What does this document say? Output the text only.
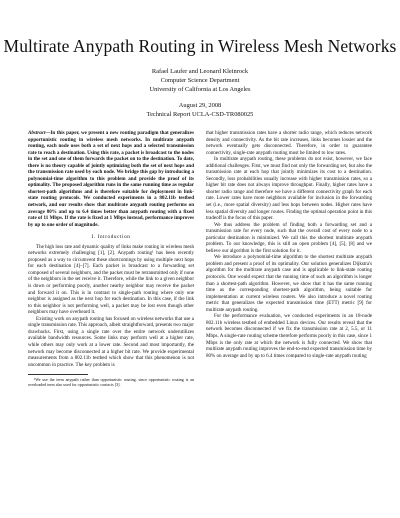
Multirate Anypath Routing in Wireless Mesh Networks
Rafael Laufer and Leonard Kleinrock
Computer Science Department
University of California at Los Angeles
August 29, 2008
Technical Report UCLA-CSD-TR080025

Abstract—In this paper, we present a new routing paradigm that generalizes opportunistic routing in wireless mesh networks. In multirate anypath routing, each node uses both a set of next hops and a selected transmission rate to reach a destination. Using this rate, a packet is broadcast to the nodes in the set and one of them forwards the packet on to the destination. To date, there is no theory capable of jointly optimizing both the set of next hops and the transmission rate used by each node. We bridge this gap by introducing a polynomial-time algorithm to this problem and provide the proof of its optimality. The proposed algorithm runs in the same running time as regular shortest-path algorithms and is therefore suitable for deployment in link-state routing protocols. We conducted experiments in a 802.11b testbed network, and our results show that multirate anypath routing performs on average 80% and up to 6.4 times better than anypath routing with a fixed rate of 11 Mbps. If the rate is fixed at 1 Mbps instead, performance improves by up to one order of magnitude.

I. Introduction

The high loss rate and dynamic quality of links make routing in wireless mesh networks extremely challenging [1], [2]. Anypath routing¹ has been recently proposed as a way to circumvent these shortcomings by using multiple next hops for each destination [4]–[7]. Each packet is broadcast to a forwarding set composed of several neighbors, and the packet must be retransmitted only if none of the neighbors in the set receive it. Therefore, while the link to a given neighbor is down or performing poorly, another nearby neighbor may receive the packet and forward it on. This is in contrast to single-path routing where only one neighbor is assigned as the next hop for each destination. In this case, if the link to this neighbor is not performing well, a packet may be lost even though other neighbors may have overheard it.

Existing work on anypath routing has focused on wireless networks that use a single transmission rate. This approach, albeit straightforward, presents two major drawbacks. First, using a single rate over the entire network underutilizes available bandwidth resources. Some links may perform well at a higher rate, while others may only work at a lower rate. Second and most importantly, the network may become disconnected at a higher bit rate. We provide experimental measurements from a 802.11b testbed which show that this phenomenon is not uncommon in practice. The key problem is

¹We use the term anypath rather than opportunistic routing, since opportunistic routing is an overloaded term also used for opportunistic contacts [3].

that higher transmission rates have a shorter radio range, which reduces network density and connectivity. As the bit rate increases, links becomes lossier and the network eventually gets disconnected. Therefore, in order to guarantee connectivity, single-rate anypath routing must be limited to low rates.

In multirate anypath routing, these problems do not exist, however, we face additional challenges. First, we must find not only the forwarding set, but also the transmission rate at each hop that jointly minimizes its cost to a destination. Secondly, loss probabilities usually increase with higher transmission rates, so a higher bit rate does not always improve throughput. Finally, higher rates have a shorter radio range and therefore we have a different connectivity graph for each rate. Lower rates have more neighbors available for inclusion in the forwarding set (i.e., more spatial diversity) and less hops between nodes. Higher rates have less spatial diversity and longer routes. Finding the optimal operation point in this tradeoff is the focus of this paper.

We thus address the problem of finding both a forwarding set and a transmission rate for every node, such that the overall cost of every node to a particular destination is minimized. We call this the shortest multirate anypath problem. To our knowledge, this is still an open problem [4], [5], [8] and we believe our algorithm is the first solution for it.

We introduce a polynomial-time algorithm to the shortest multirate anypath problem and present a proof of its optimality. Our solution generalizes Dijkstra's algorithm for the multirate anypath case and is applicable to link-state routing protocols. One would expect that the running time of such an algorithm is longer than a shortest-path algorithm. However, we show that it has the same running time as the corresponding shortest-path algorithm, being suitable for implementation at current wireless routers. We also introduce a novel routing metric that generalizes the expected transmission time (ETT) metric [9] for multirate anypath routing.

For the performance evaluation, we conducted experiments in an 18-node 802.11b wireless testbed of embedded Linux devices. Our results reveal that the network becomes disconnected if we fix the transmission rate at 2, 5.5, or 11 Mbps. A single-rate routing scheme therefore performs poorly in this case, since 1 Mbps is the only rate at which the network is fully connected. We show that multirate anypath routing improves the end-to-end expected transmission time by 80% on average and by up to 6.4 times compared to single-rate anypath routing
